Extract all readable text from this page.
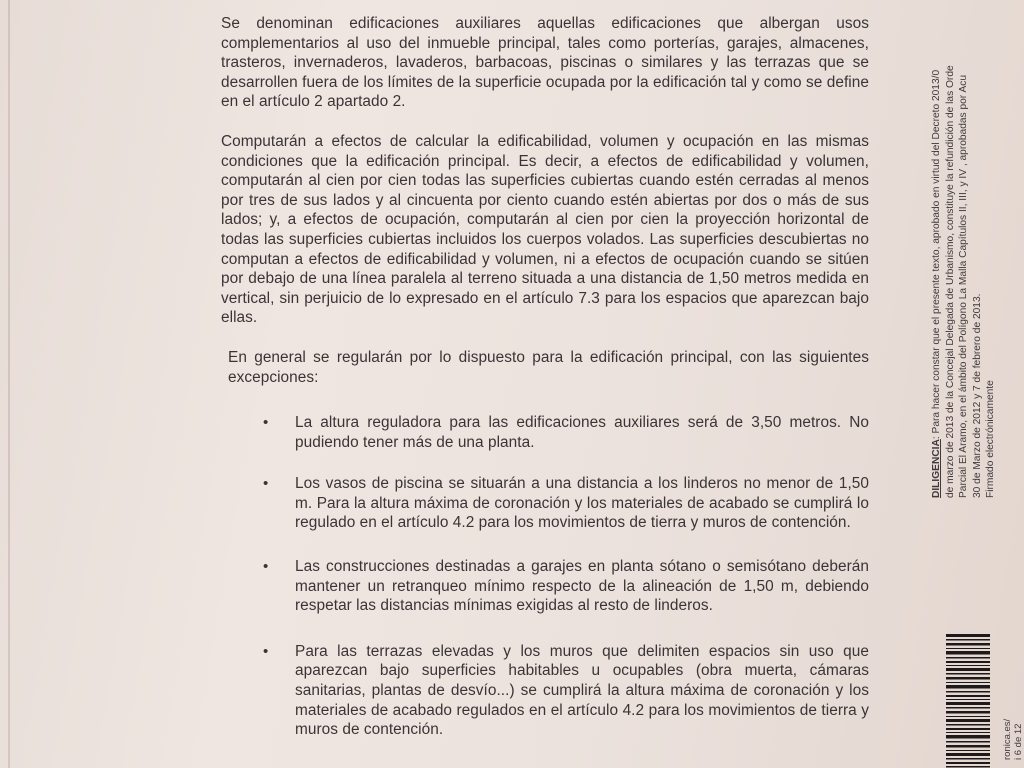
Se denominan edificaciones auxiliares aquellas edificaciones que albergan usos complementarios al uso del inmueble principal, tales como porterías, garajes, almacenes, trasteros, invernaderos, lavaderos, barbacoas, piscinas o similares y las terrazas que se desarrollen fuera de los límites de la superficie ocupada por la edificación tal y como se define en el artículo 2 apartado 2.

Computarán a efectos de calcular la edificabilidad, volumen y ocupación en las mismas condiciones que la edificación principal. Es decir, a efectos de edificabilidad y volumen, computarán al cien por cien todas las superficies cubiertas cuando estén cerradas al menos por tres de sus lados y al cincuenta por ciento cuando estén abiertas por dos o más de sus lados; y, a efectos de ocupación, computarán al cien por cien la proyección horizontal de todas las superficies cubiertas incluidos los cuerpos volados. Las superficies descubiertas no computan a efectos de edificabilidad y volumen, ni a efectos de ocupación cuando se sitúen por debajo de una línea paralela al terreno situada a una distancia de 1,50 metros medida en vertical, sin perjuicio de lo expresado en el artículo 7.3 para los espacios que aparezcan bajo ellas.

En general se regularán por lo dispuesto para la edificación principal, con las siguientes excepciones:

• La altura reguladora para las edificaciones auxiliares será de 3,50 metros. No pudiendo tener más de una planta.
• Los vasos de piscina se situarán a una distancia a los linderos no menor de 1,50 m. Para la altura máxima de coronación y los materiales de acabado se cumplirá lo regulado en el artículo 4.2 para los movimientos de tierra y muros de contención.
• Las construcciones destinadas a garajes en planta sótano o semisótano deberán mantener un retranqueo mínimo respecto de la alineación de 1,50 m, debiendo respetar las distancias mínimas exigidas al resto de linderos.
• Para las terrazas elevadas y los muros que delimiten espacios sin uso que aparezcan bajo superficies habitables u ocupables (obra muerta, cámaras sanitarias, plantas de desvío...) se cumplirá la altura máxima de coronación y los materiales de acabado regulados en el artículo 4.2 para los movimientos de tierra y muros de contención.
DILIGENCIA: Para hacer constar que el presente texto, aprobado en virtud del Decreto 2013/0 de marzo de 2013 de la Concejal Delegada de Urbanismo, constituye la refundición de las Orde Parcial El Aramo, en el ámbito del Polígono La Malla Capítulos II, III, y IV , aprobadas por Acu 30 de Marzo de 2012 y 7 de febrero de 2013. Firmado electrónicamente
ronica.es/ i 6 de 12
